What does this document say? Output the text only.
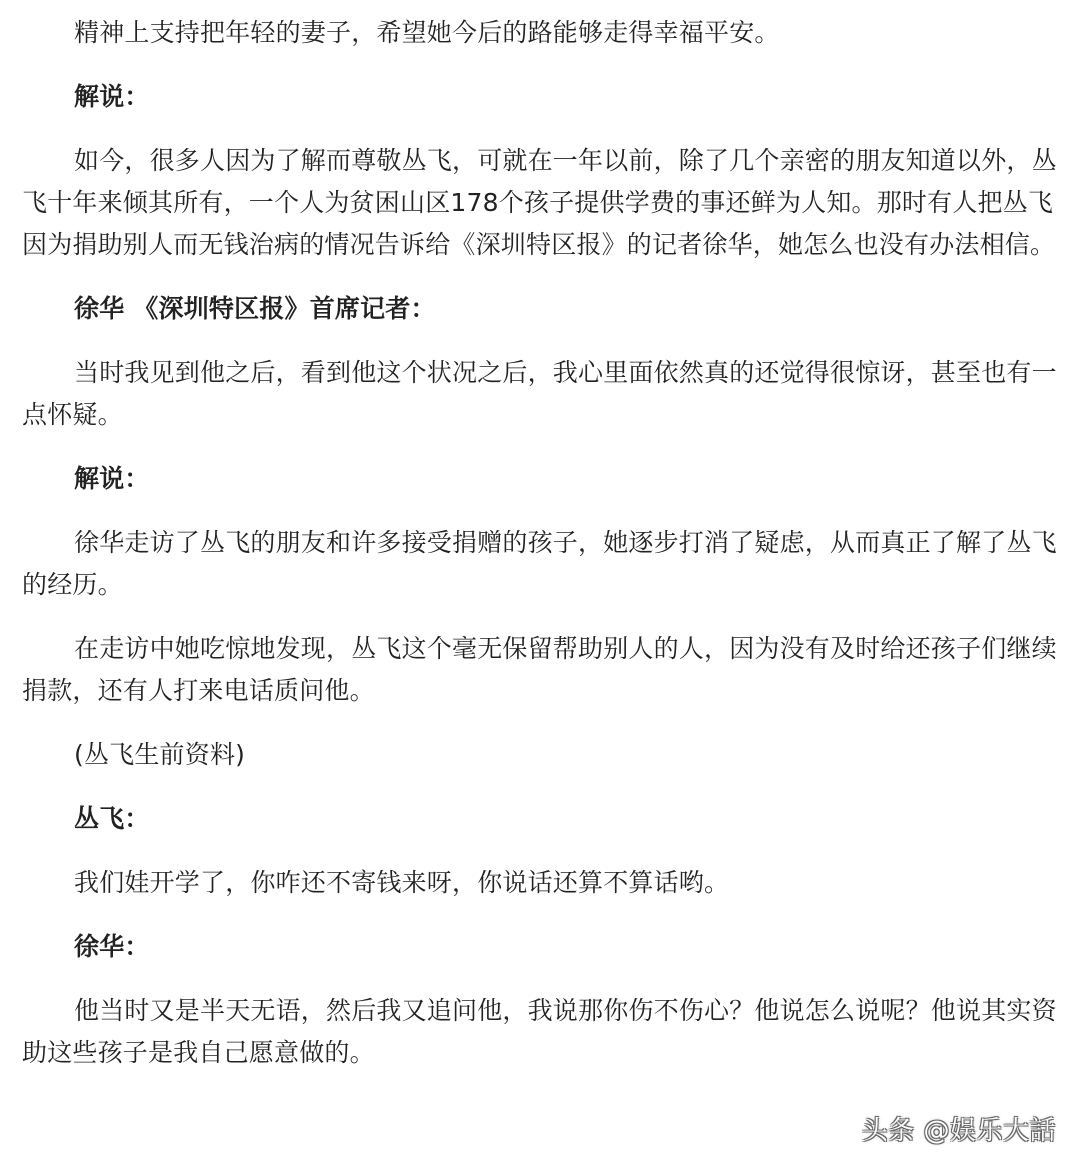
精神上支持把年轻的妻子，希望她今后的路能够走得幸福平安。

解说：

如今，很多人因为了解而尊敬丛飞，可就在一年以前，除了几个亲密的朋友知道以外，丛飞十年来倾其所有，一个人为贫困山区178个孩子提供学费的事还鲜为人知。那时有人把丛飞因为捐助别人而无钱治病的情况告诉给《深圳特区报》的记者徐华，她怎么也没有办法相信。

徐华 《深圳特区报》首席记者：

当时我见到他之后，看到他这个状况之后，我心里面依然真的还觉得很惊讶，甚至也有一点怀疑。

解说：

徐华走访了丛飞的朋友和许多接受捐赠的孩子，她逐步打消了疑虑，从而真正了解了丛飞的经历。

在走访中她吃惊地发现，丛飞这个毫无保留帮助别人的人，因为没有及时给还孩子们继续捐款，还有人打来电话质问他。

(丛飞生前资料)

丛飞：

我们娃开学了，你咋还不寄钱来呀，你说话还算不算话哟。

徐华：

他当时又是半天无语，然后我又追问他，我说那你伤不伤心？他说怎么说呢？他说其实资助这些孩子是我自己愿意做的。

头条 @娱乐大話
